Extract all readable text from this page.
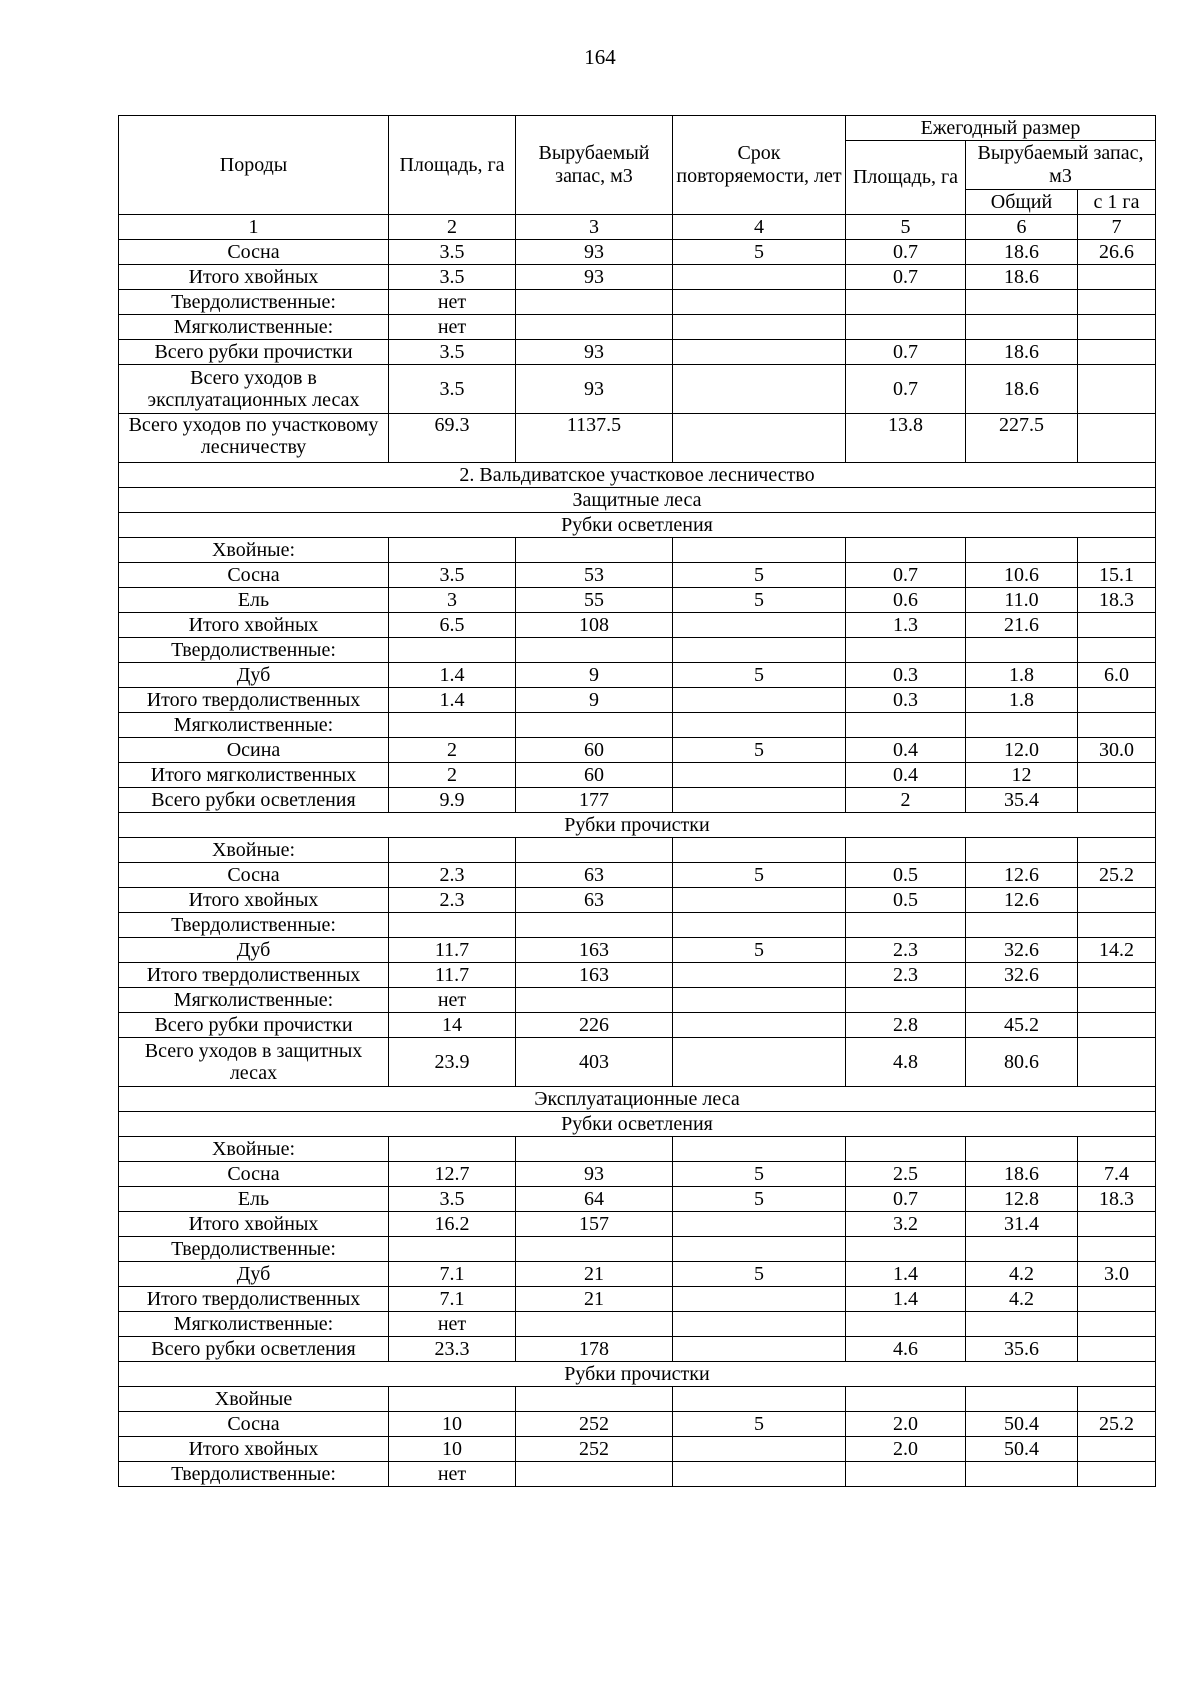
164
Породы	Площадь, га	Вырубаемый запас, м3	Срок повторяемости, лет	Ежегодный размер		
				Площадь, га	Вырубаемый запас, м3	
					Общий	с 1 га
1	2	3	4	5	6	7
Сосна	3.5	93	5	0.7	18.6	26.6
Итого хвойных	3.5	93		0.7	18.6	
Твердолиственные:	нет					
Мягколиственные:	нет					
Всего рубки прочистки	3.5	93		0.7	18.6	
Всего уходов в эксплуатационных лесах	3.5	93		0.7	18.6	
Всего уходов по участковому лесничеству	69.3	1137.5		13.8	227.5	
2. Вальдиватское участковое лесничество						
Защитные леса						
Рубки осветления						
Хвойные:						
Сосна	3.5	53	5	0.7	10.6	15.1
Ель	3	55	5	0.6	11.0	18.3
Итого хвойных	6.5	108		1.3	21.6	
Твердолиственные:						
Дуб	1.4	9	5	0.3	1.8	6.0
Итого твердолиственных	1.4	9		0.3	1.8	
Мягколиственные:						
Осина	2	60	5	0.4	12.0	30.0
Итого мягколиственных	2	60		0.4	12	
Всего рубки осветления	9.9	177		2	35.4	
Рубки прочистки						
Хвойные:						
Сосна	2.3	63	5	0.5	12.6	25.2
Итого хвойных	2.3	63		0.5	12.6	
Твердолиственные:						
Дуб	11.7	163	5	2.3	32.6	14.2
Итого твердолиственных	11.7	163		2.3	32.6	
Мягколиственные:	нет					
Всего рубки прочистки	14	226		2.8	45.2	
Всего уходов в защитных лесах	23.9	403		4.8	80.6	
Эксплуатационные леса						
Рубки осветления						
Хвойные:						
Сосна	12.7	93	5	2.5	18.6	7.4
Ель	3.5	64	5	0.7	12.8	18.3
Итого хвойных	16.2	157		3.2	31.4	
Твердолиственные:						
Дуб	7.1	21	5	1.4	4.2	3.0
Итого твердолиственных	7.1	21		1.4	4.2	
Мягколиственные:	нет					
Всего рубки осветления	23.3	178		4.6	35.6	
Рубки прочистки						
Хвойные						
Сосна	10	252	5	2.0	50.4	25.2
Итого хвойных	10	252		2.0	50.4	
Твердолиственные:	нет					
